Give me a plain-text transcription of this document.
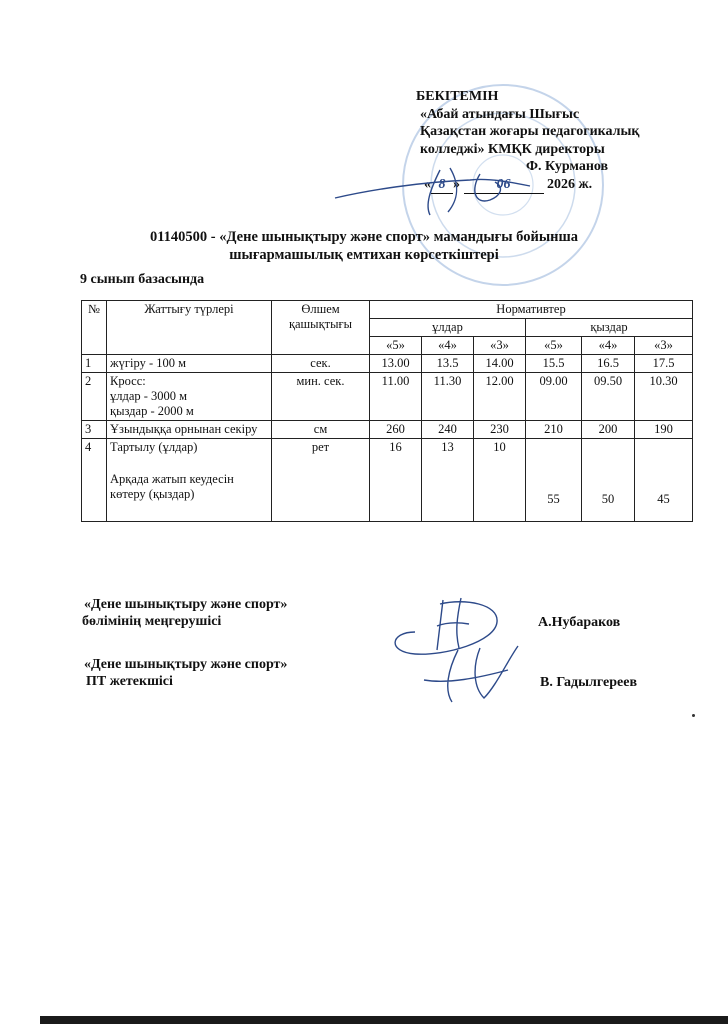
БЕКІТЕМІН
«Абай атындағы Шығыс
Қазақстан жоғары педагогикалық
колледжі» КМҚК директоры
Ф. Курманов
« 8 »	06	2026 ж.
01140500 - «Дене шынықтыру және спорт» мамандығы бойынша
шығармашылық емтихан көрсеткіштері
9 сынып базасында
№	Жаттығу түрлері	Өлшем қашықтығы	Нормативтер					
			ұлдар			қыздар		
			«5»	«4»	«3»	«5»	«4»	«3»
1	жүгіру - 100 м	сек.	13.00	13.5	14.00	15.5	16.5	17.5
2	Кросс:
ұлдар - 3000 м
қыздар - 2000 м	мин. сек.	11.00	11.30	12.00	09.00	09.50	10.30
3	Ұзындыққа орнынан секіру	см	260	240	230	210	200	190
4	Тартылу (ұлдар)
Арқада жатып кеудесін көтеру (қыздар)	рет	16	13	10	55	50	45
«Дене шынықтыру және спорт»
бөлімінің меңгерушісі	А.Нубараков
«Дене шынықтыру және спорт»
ПТ жетекшісі	В. Гадылгереев
